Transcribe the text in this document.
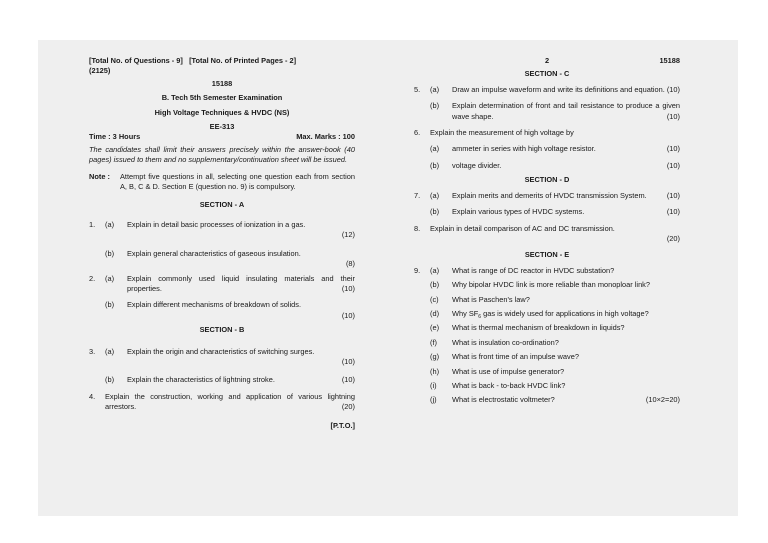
[Total No. of Questions - 9] [Total No. of Printed Pages - 2]
(2125)
15188
B. Tech 5th Semester Examination
High Voltage Techniques & HVDC (NS)
EE-313
Time : 3 Hours	Max. Marks : 100
The candidates shall limit their answers precisely within the answer-book (40 pages) issued to them and no supplementary/continuation sheet will be issued.
Note :	Attempt five questions in all, selecting one question each from section A, B, C & D. Section E (question no. 9) is compulsory.
SECTION - A
1.	(a)	Explain in detail basic processes of ionization in a gas.
(12)
(b)	Explain general characteristics of gaseous insulation.
(8)
2.	(a)	Explain commonly used liquid insulating materials and their properties.	(10)
(b)	Explain different mechanisms of breakdown of solids.
(10)
SECTION - B
3.	(a)	Explain the origin and characteristics of switching surges.
(10)
(b)	Explain the characteristics of lightning stroke.	(10)
4.	Explain the construction, working and application of various lightning arrestors.	(20)
[P.T.O.]
2	15188
SECTION - C
5.	(a)	Draw an impulse waveform and write its definitions and equation. (10)
(b)	Explain determination of front and tail resistance to produce a given wave shape.	(10)
6.	Explain the measurement of high voltage by
(a)	ammeter in series with high voltage resistor.	(10)
(b)	voltage divider.	(10)
SECTION - D
7.	(a)	Explain merits and demerits of HVDC transmission System.	(10)
(b)	Explain various types of HVDC systems.	(10)
8.	Explain in detail comparison of AC and DC transmission.
(20)
SECTION - E
9.	(a)	What is range of DC reactor in HVDC substation?
(b)	Why bipolar HVDC link is more reliable than monoploar link?
(c)	What is Paschen's law?
(d)	Why $SF_6$ gas is widely used for applications in high voltage?
(e)	What is thermal mechanism of breakdown in liquids?
(f)	What is insulation co-ordination?
(g)	What is front time of an impulse wave?
(h)	What is use of impulse generator?
(i)	What is back - to-back HVDC link?
(j)	What is electrostatic voltmeter?	(10×2=20)
